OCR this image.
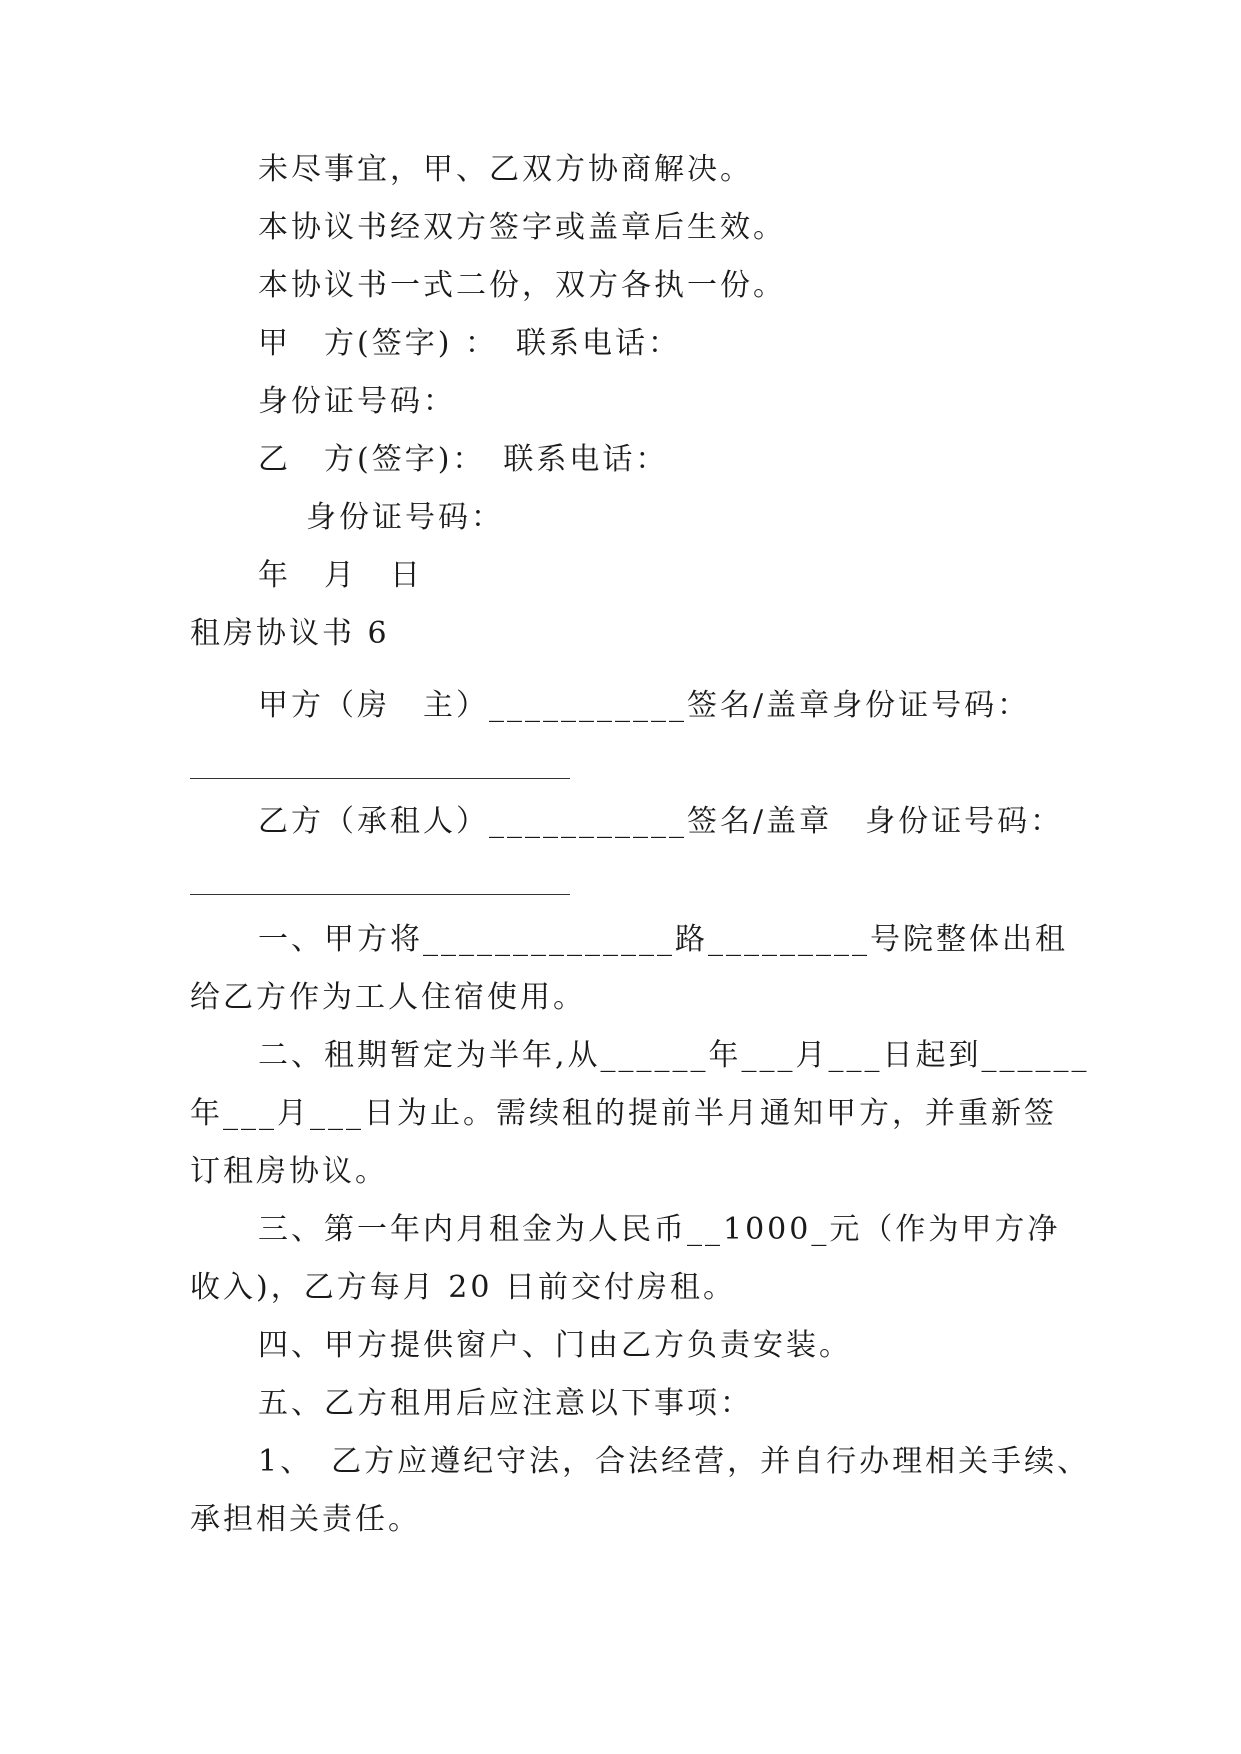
未尽事宜，甲、乙双方协商解决。
本协议书经双方签字或盖章后生效。
本协议书一式二份，双方各执一份。
甲　方(签字) ：　联系电话：
身份证号码：
乙　方(签字)：　联系电话：
身份证号码：
年　月　日
租房协议书 6
甲方（房　主）___________签名/盖章身份证号码：
乙方（承租人）___________签名/盖章　身份证号码：
一、甲方将______________路_________号院整体出租
给乙方作为工人住宿使用。
二、租期暂定为半年,从______年___月___日起到______
年___月___日为止。需续租的提前半月通知甲方，并重新签
订租房协议。
三、第一年内月租金为人民币__1000_元（作为甲方净
收入)，乙方每月 20 日前交付房租。
四、甲方提供窗户、门由乙方负责安装。
五、乙方租用后应注意以下事项：
1、　乙方应遵纪守法，合法经营，并自行办理相关手续、
承担相关责任。
